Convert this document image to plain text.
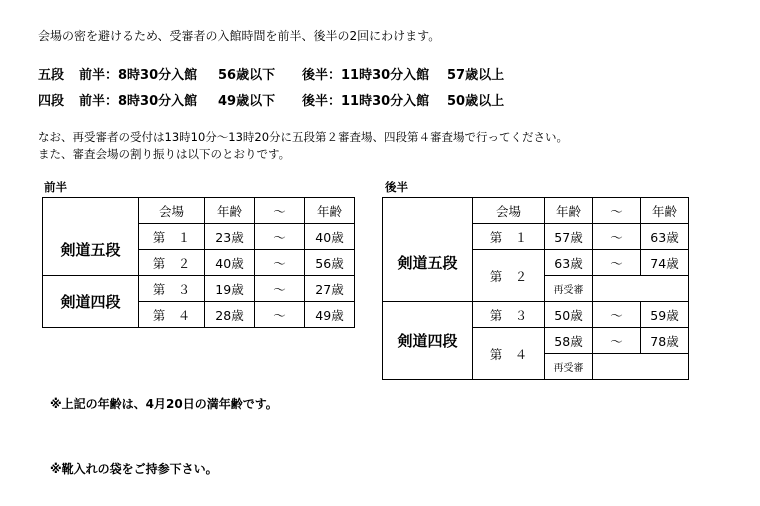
会場の密を避けるため、受審者の入館時間を前半、後半の2回にわけます。
五段 前半：8時30分入館 56歳以下 後半：11時30分入館 57歳以上
四段 前半：8時30分入館 49歳以下 後半：11時30分入館 50歳以上
なお、再受審者の受付は13時10分～13時20分に五段第２審査場、四段第４審査場で行ってください。
また、審査会場の割り振りは以下のとおりです。
前半
	会場	年齢	～	年齢
剣道五段	第　１	23歳	～	40歳
	第　２	40歳	～	56歳
剣道四段	第　３	19歳	～	27歳
	第　４	28歳	～	49歳
後半
	会場	年齢	～	年齢
剣道五段	第　１	57歳	～	63歳
	第　２	63歳	～	74歳
		再受審		
剣道四段	第　３	50歳	～	59歳
	第　４	58歳	～	78歳
		再受審		
※上記の年齢は、4月20日の満年齢です。
※靴入れの袋をご持参下さい。
